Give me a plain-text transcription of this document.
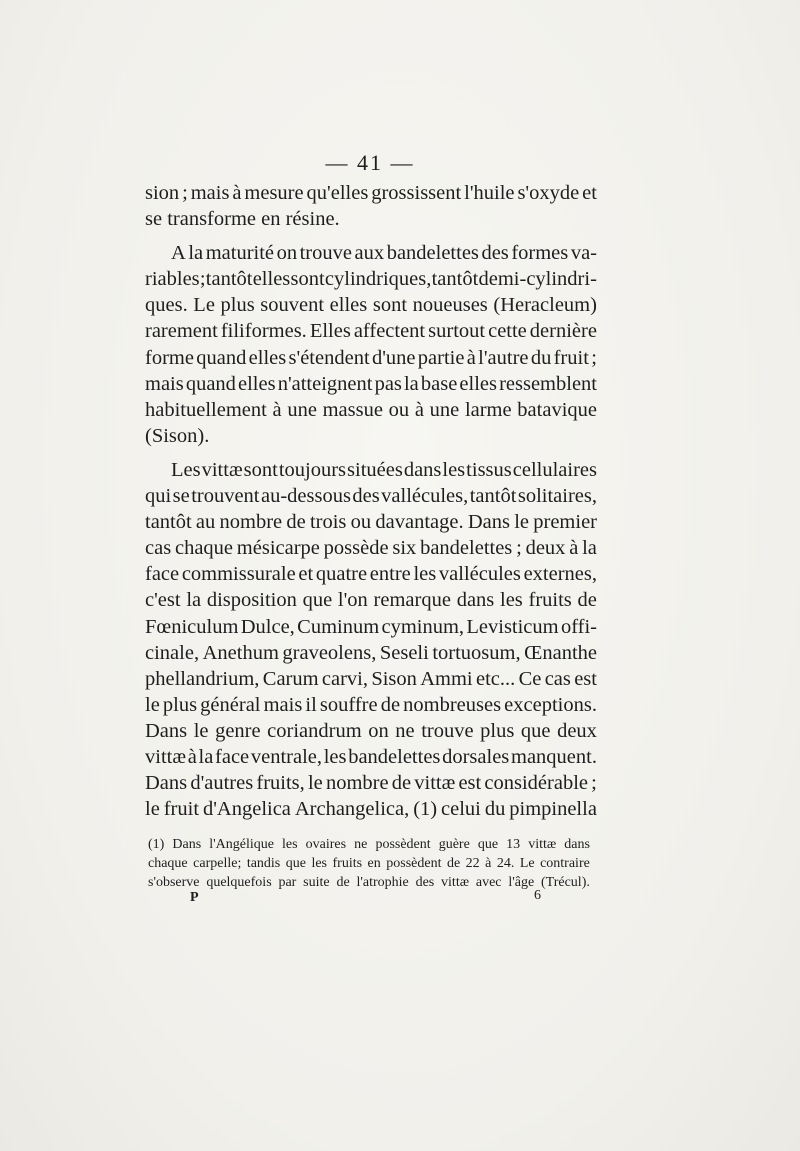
— 41 —
sion ; mais à mesure qu'elles grossissent l'huile s'oxyde et
se transforme en résine.
A la maturité on trouve aux bandelettes des formes va-
riables ; tantôt elles sont cylindriques, tantôt demi-cylindri-
ques. Le plus souvent elles sont noueuses (Heracleum)
rarement filiformes. Elles affectent surtout cette dernière
forme quand elles s'étendent d'une partie à l'autre du fruit ;
mais quand elles n'atteignent pas la base elles ressemblent
habituellement à une massue ou à une larme batavique
(Sison).
Les vittæ sont toujours situées dans les tissus cellulaires
qui se trouvent au-dessous des vallécules, tantôt solitaires,
tantôt au nombre de trois ou davantage. Dans le premier
cas chaque mésicarpe possède six bandelettes ; deux à la
face commissurale et quatre entre les vallécules externes,
c'est la disposition que l'on remarque dans les fruits de
Fœniculum Dulce, Cuminum cyminum, Levisticum offi-
cinale, Anethum graveolens, Seseli tortuosum, Œnanthe
phellandrium, Carum carvi, Sison Ammi etc... Ce cas est
le plus général mais il souffre de nombreuses exceptions.
Dans le genre coriandrum on ne trouve plus que deux
vittæ à la face ventrale, les bandelettes dorsales manquent.
Dans d'autres fruits, le nombre de vittæ est considérable ;
le fruit d'Angelica Archangelica, (1) celui du pimpinella
(1) Dans l'Angélique les ovaires ne possèdent guère que 13 vittæ dans
chaque carpelle; tandis que les fruits en possèdent de 22 à 24. Le contraire
s'observe quelquefois par suite de l'atrophie des vittæ avec l'âge (Trécul).
P	6
